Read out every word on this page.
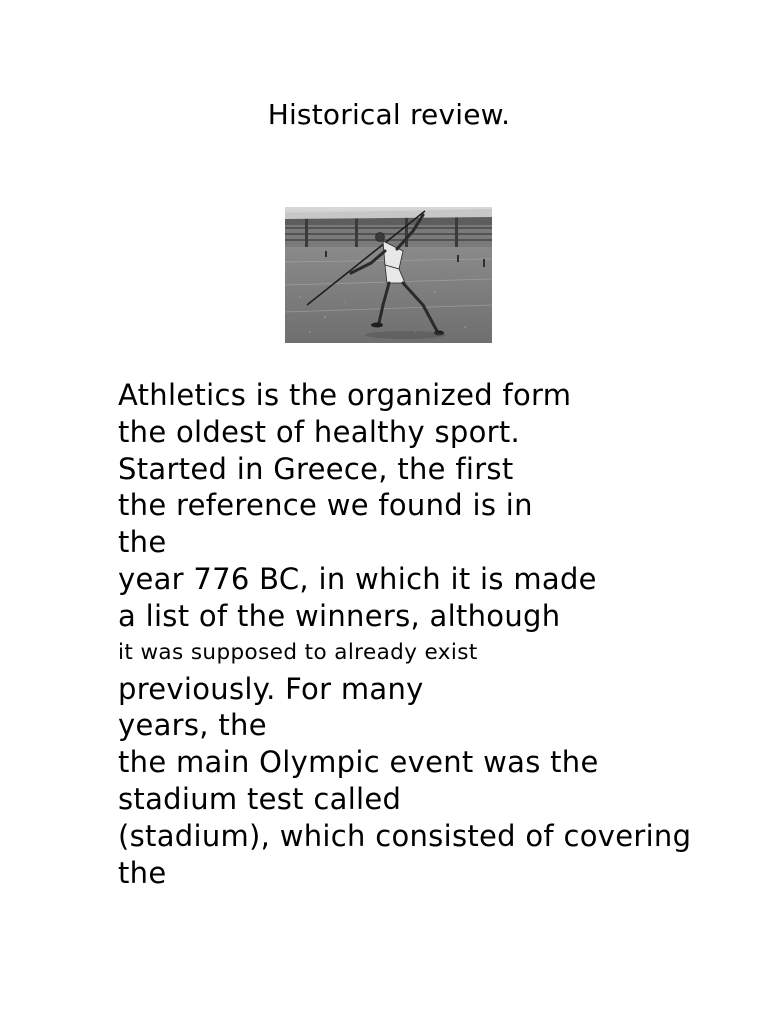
Historical review.
Athletics is the organized form
the oldest of healthy sport.
Started in Greece, the first
the reference we found is in
the
year 776 BC, in which it is made
a list of the winners, although
it was supposed to already exist
previously. For many
years, the
the main Olympic event was the
stadium test called
(stadium), which consisted of covering
the
